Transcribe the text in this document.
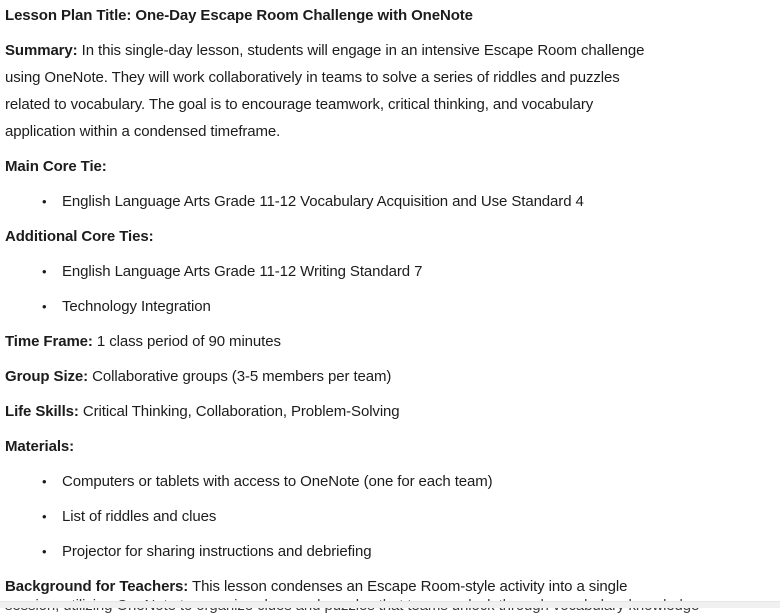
Lesson Plan Title: One-Day Escape Room Challenge with OneNote
Summary: In this single-day lesson, students will engage in an intensive Escape Room challenge
using OneNote. They will work collaboratively in teams to solve a series of riddles and puzzles
related to vocabulary. The goal is to encourage teamwork, critical thinking, and vocabulary
application within a condensed timeframe.
Main Core Tie:
•	English Language Arts Grade 11-12 Vocabulary Acquisition and Use Standard 4
Additional Core Ties:
•	English Language Arts Grade 11-12 Writing Standard 7
•	Technology Integration
Time Frame: 1 class period of 90 minutes
Group Size: Collaborative groups (3-5 members per team)
Life Skills: Critical Thinking, Collaboration, Problem-Solving
Materials:
•	Computers or tablets with access to OneNote (one for each team)
•	List of riddles and clues
•	Projector for sharing instructions and debriefing
Background for Teachers: This lesson condenses an Escape Room-style activity into a single
